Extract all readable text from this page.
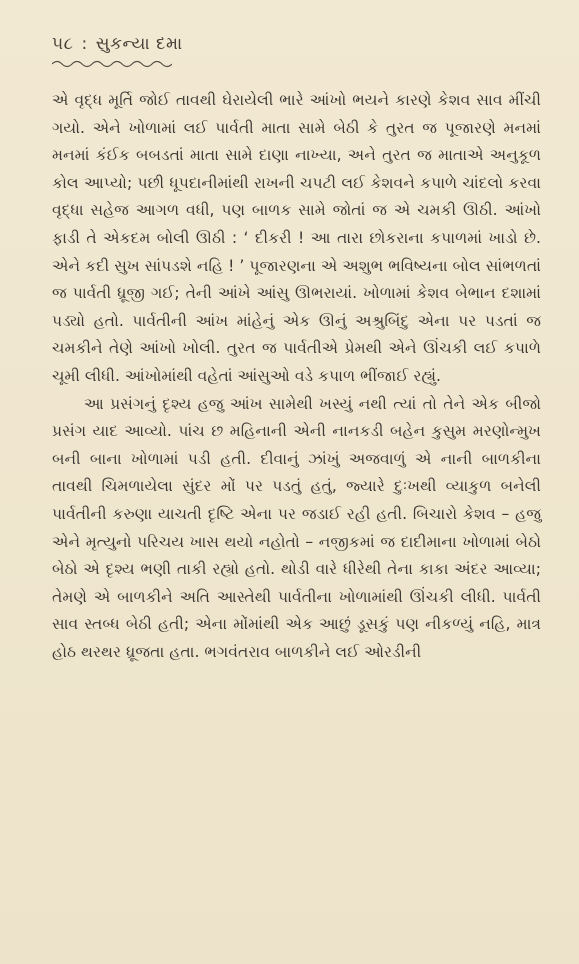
૫૮ : સુકન્યા દમા

એ વૃદ્ધ મૂર્તિ જોઈ તાવથી ઘેરાયેલી ભારે આંખો ભયને કારણે કેશવ સાવ મીંચી ગયો. એને ખોળામાં લઈ પાર્વતી માતા સામે બેઠી કે તુરત જ પૂજારણે મનમાં મનમાં કંઈક બબડતાં માતા સામે દાણા નાખ્યા, અને તુરત જ માતાએ અનુકૂળ કોલ આપ્યો; પછી ધૂપદાનીમાંથી રાખની ચપટી લઈ કેશવને કપાળે ચાંદલો કરવા વૃદ્ધા સહેજ આગળ વધી, પણ બાળક સામે જોતાં જ એ ચમકી ઊઠી. આંખો ફાડી તે એકદમ બોલી ઊઠી : ‘ દીકરી ! આ તારા છોકરાના કપાળમાં ખાડો છે. એને કદી સુખ સાંપડશે નહિ ! ’ પૂજારણના એ અશુભ ભવિષ્યના બોલ સાંભળતાં જ પાર્વતી ધ્રૂજી ગઈ; તેની આંખે આંસુ ઊભરાયાં. ખોળામાં કેશવ બેભાન દશામાં પડ્યો હતો. પાર્વતીની આંખ માંહેનું એક ઊનું અશ્રુબિંદુ એના પર પડતાં જ ચમકીને તેણે આંખો ખોલી. તુરત જ પાર્વતીએ પ્રેમથી એને ઊંચકી લઈ કપાળે ચૂમી લીધી. આંખોમાંથી વહેતાં આંસુઓ વડે કપાળ ભીંજાઈ રહ્યું.

આ પ્રસંગનું દૃશ્ય હજુ આંખ સામેથી ખસ્યું નથી ત્યાં તો તેને એક બીજો પ્રસંગ યાદ આવ્યો. પાંચ છ મહિનાની એની નાનકડી બહેન કુસુમ મરણોન્મુખ બની બાના ખોળામાં પડી હતી. દીવાનું ઝાંખું અજવાળું એ નાની બાળકીના તાવથી ચિમળાયેલા સુંદર મોં પર પડતું હતું, જ્યારે દુઃખથી વ્યાકુળ બનેલી પાર્વતીની કરુણા યાચતી દૃષ્ટિ એના પર જડાઈ રહી હતી. બિચારો કેશવ – હજુ એને મૃત્યુનો પરિચય ખાસ થયો નહોતો – નજીકમાં જ દાદીમાના ખોળામાં બેઠો બેઠો એ દૃશ્ય ભણી તાકી રહ્યો હતો. થોડી વારે ધીરેથી તેના કાકા અંદર આવ્યા; તેમણે એ બાળકીને અતિ આસ્તેથી પાર્વતીના ખોળામાંથી ઊંચકી લીધી. પાર્વતી સાવ સ્તબ્ધ બેઠી હતી; એના મોંમાંથી એક આછું ડૂસકું પણ નીકળ્યું નહિ, માત્ર હોઠ થરથર ધ્રૂજતા હતા. ભગવંતરાવ બાળકીને લઈ ઓરડીની
